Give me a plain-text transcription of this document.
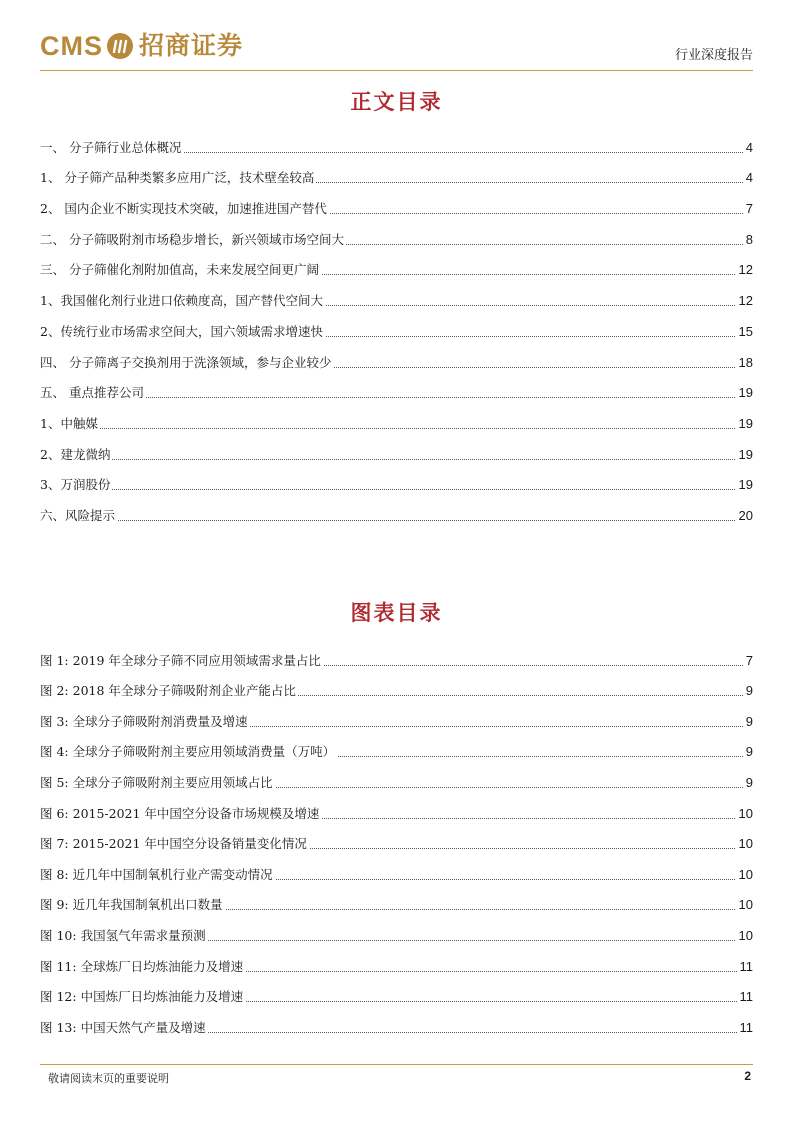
CMS 招商证券	行业深度报告
正文目录
一、 分子筛行业总体概况	4
1、 分子筛产品种类繁多应用广泛，技术壁垒较高	4
2、 国内企业不断实现技术突破，加速推进国产替代	7
二、 分子筛吸附剂市场稳步增长，新兴领域市场空间大	8
三、 分子筛催化剂附加值高，未来发展空间更广阔	12
1、我国催化剂行业进口依赖度高，国产替代空间大	12
2、传统行业市场需求空间大，国六领域需求增速快	15
四、 分子筛离子交换剂用于洗涤领域，参与企业较少	18
五、 重点推荐公司	19
1、中触媒	19
2、建龙微纳	19
3、万润股份	19
六、风险提示	20
图表目录
图 1: 2019 年全球分子筛不同应用领域需求量占比	7
图 2: 2018 年全球分子筛吸附剂企业产能占比	9
图 3: 全球分子筛吸附剂消费量及增速	9
图 4: 全球分子筛吸附剂主要应用领域消费量（万吨）	9
图 5: 全球分子筛吸附剂主要应用领域占比	9
图 6: 2015-2021 年中国空分设备市场规模及增速	10
图 7: 2015-2021 年中国空分设备销量变化情况	10
图 8: 近几年中国制氧机行业产需变动情况	10
图 9: 近几年我国制氧机出口数量	10
图 10: 我国氢气年需求量预测	10
图 11: 全球炼厂日均炼油能力及增速	11
图 12: 中国炼厂日均炼油能力及增速	11
图 13: 中国天然气产量及增速	11
敬请阅读末页的重要说明	2
